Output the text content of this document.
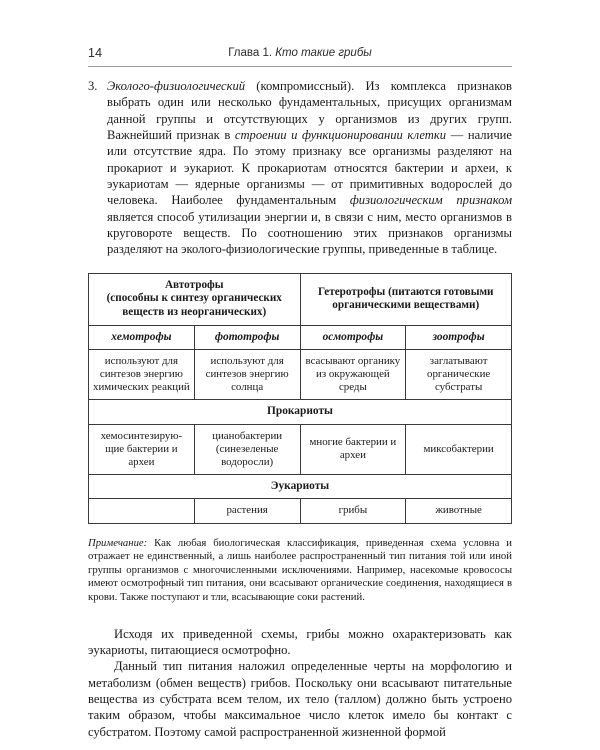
14	Глава 1. Кто такие грибы
3. Эколого-физиологический (компромиссный). Из комплекса признаков выбрать один или несколько фундаментальных, присущих организмам данной группы и отсутствующих у организмов из других групп. Важнейший признак в строении и функционировании клетки — наличие или отсутствие ядра. По этому признаку все организмы разделяют на прокариот и эукариот. К прокариотам относятся бактерии и археи, к эукариотам — ядерные организмы — от примитивных водорослей до человека. Наиболее фундаментальным физиологическим признаком является способ утилизации энергии и, в связи с ним, место организмов в круговороте веществ. По соотношению этих признаков организмы разделяют на эколого-физиологические группы, приведенные в таблице.
Автотрофы
(способны к синтезу органических
веществ из неорганических)		Гетеротрофы (питаются готовыми
органическими веществами)	
хемотрофы	фототрофы	осмотрофы	зоотрофы
используют для синтезов энергию химических реакций	используют для синтезов энергию солнца	всасывают органику из окружающей среды	заглатывают органические субстраты
Прокариоты			
хемосинтезирую-щие бактерии и археи	цианобактерии (синезеленые водоросли)	многие бактерии и археи	миксобактерии
Эукариоты			
	растения	грибы	животные
Примечание: Как любая биологическая классификация, приведенная схема условна и отражает не единственный, а лишь наиболее распространенный тип питания той или иной группы организмов с многочисленными исключениями. Например, насекомые кровососы имеют осмотрофный тип питания, они всасывают органические соединения, находящиеся в крови. Также поступают и тли, всасывающие соки растений.

Исходя их приведенной схемы, грибы можно охарактеризовать как эукариоты, питающиеся осмотрофно.

Данный тип питания наложил определенные черты на морфологию и метаболизм (обмен веществ) грибов. Поскольку они всасывают питательные вещества из субстрата всем телом, их тело (таллом) должно быть устроено таким образом, чтобы максимальное число клеток имело бы контакт с субстратом. Поэтому самой распространенной жизненной формой
